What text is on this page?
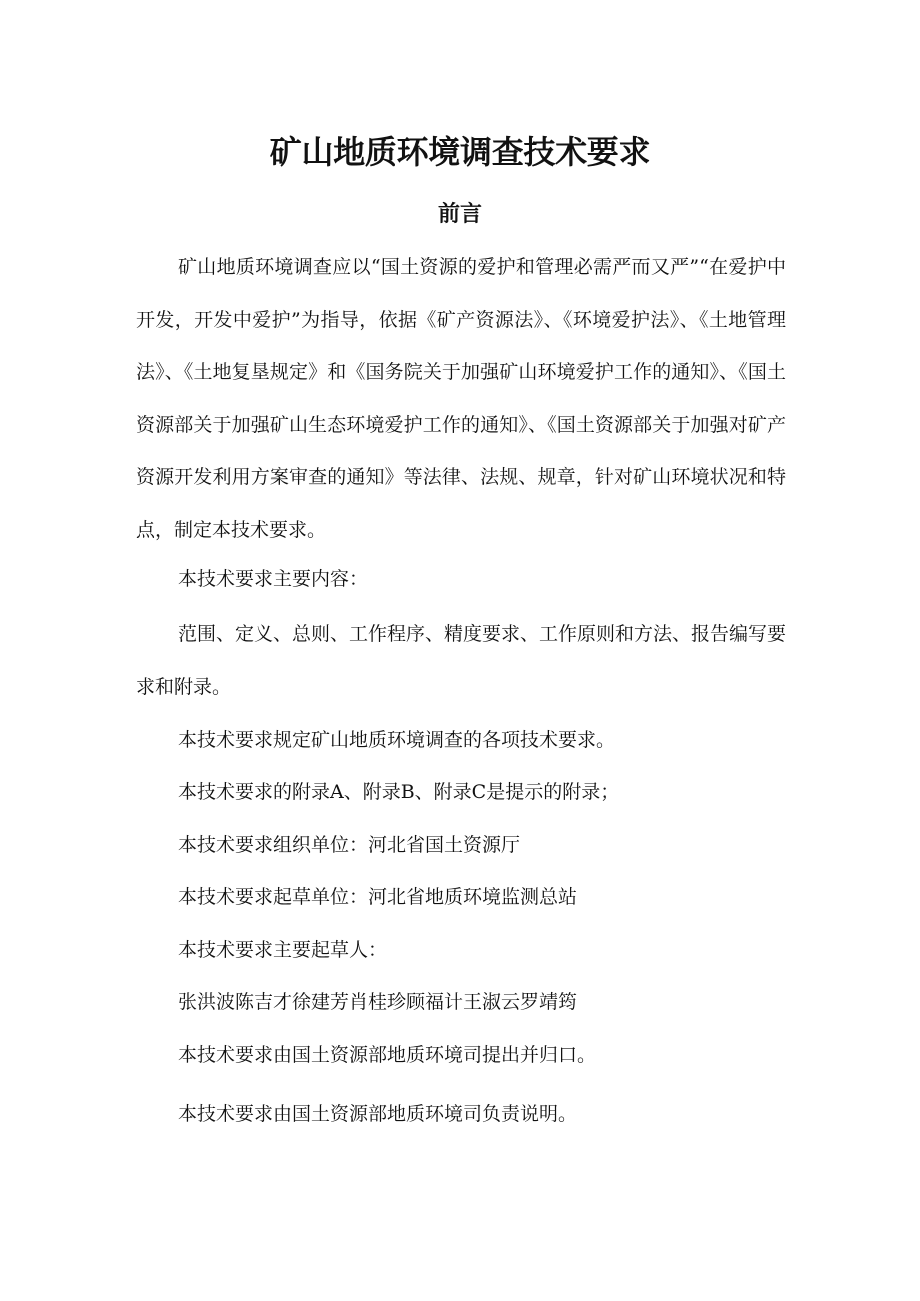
矿山地质环境调查技术要求
前言

矿山地质环境调查应以“国土资源的爱护和管理必需严而又严”“在爱护中开发，开发中爱护”为指导，依据《矿产资源法》、《环境爱护法》、《土地管理法》、《土地复垦规定》和《国务院关于加强矿山环境爱护工作的通知》、《国土资源部关于加强矿山生态环境爱护工作的通知》、《国土资源部关于加强对矿产资源开发利用方案审查的通知》等法律、法规、规章，针对矿山环境状况和特点，制定本技术要求。

本技术要求主要内容：

范围、定义、总则、工作程序、精度要求、工作原则和方法、报告编写要求和附录。

本技术要求规定矿山地质环境调查的各项技术要求。

本技术要求的附录A、附录B、附录C是提示的附录；

本技术要求组织单位：河北省国土资源厅

本技术要求起草单位：河北省地质环境监测总站

本技术要求主要起草人：

张洪波陈吉才徐建芳肖桂珍顾福计王淑云罗靖筠

本技术要求由国土资源部地质环境司提出并归口。

本技术要求由国土资源部地质环境司负责说明。
